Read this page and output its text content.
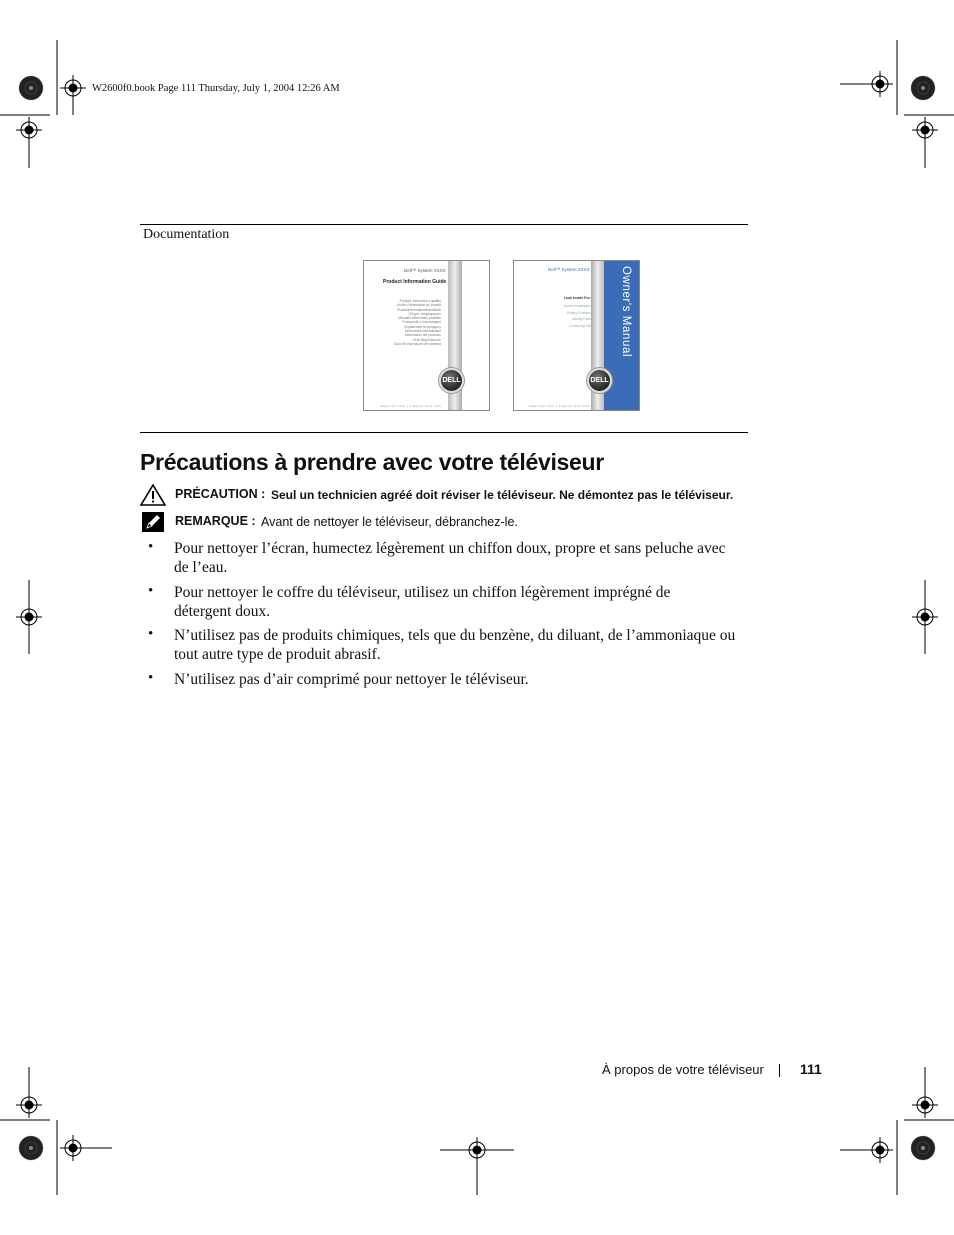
W2600f0.book Page 111 Thursday, July 1, 2004 12:26 AM
Documentation
Dell™ System XXXX
Product Information Guide
Produkt- informace a grafiku
Guide d'information du produit
Produktinformationshandbuch
Οδηγός πληροφοριών
Manuale informativo prodotto
Podręcznik z informacjami
Справочник по продукту
Sprievodca informáciami
Información del producto
Ürün Bilgi Kılavuzu
Guía de información del sistema
DELL
www.dell.com | support.dell.com
Dell™ System XXXX
Look Inside For:
System Installation
Setting Features
Adding Parts
Contacting Dell	Owner's Manual
DELL
www.dell.com | support.dell.com
Précautions à prendre avec votre téléviseur
PRÉCAUTION : Seul un technicien agréé doit réviser le téléviseur. Ne démontez pas le téléviseur.
REMARQUE : Avant de nettoyer le téléviseur, débranchez-le.
• Pour nettoyer l’écran, humectez légèrement un chiffon doux, propre et sans peluche avec de l’eau.
• Pour nettoyer le coffre du téléviseur, utilisez un chiffon légèrement imprégné de détergent doux.
• N’utilisez pas de produits chimiques, tels que du benzène, du diluant, de l’ammoniaque ou tout autre type de produit abrasif.
• N’utilisez pas d’air comprimé pour nettoyer le téléviseur.
À propos de votre téléviseur	111
